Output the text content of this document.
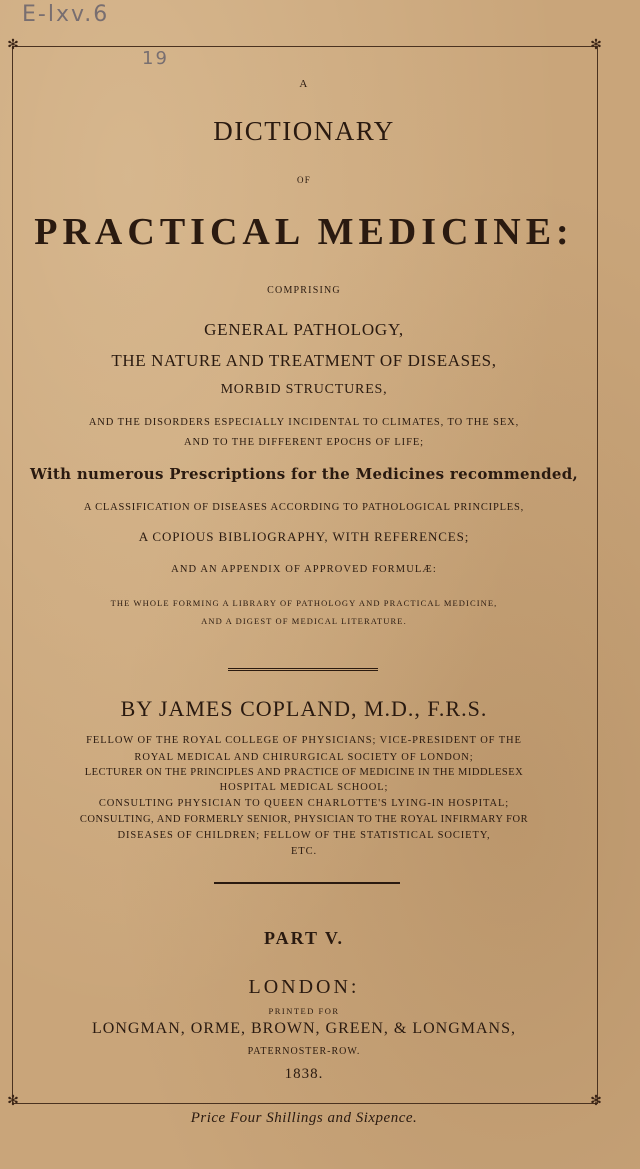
E-lxv.6
19
✻	✻
✻	✻
A
DICTIONARY
OF
PRACTICAL MEDICINE:
COMPRISING
GENERAL PATHOLOGY,
THE NATURE AND TREATMENT OF DISEASES,
MORBID STRUCTURES,
AND THE DISORDERS ESPECIALLY INCIDENTAL TO CLIMATES, TO THE SEX,
AND TO THE DIFFERENT EPOCHS OF LIFE;
With numerous Prescriptions for the Medicines recommended,
A CLASSIFICATION OF DISEASES ACCORDING TO PATHOLOGICAL PRINCIPLES,
A COPIOUS BIBLIOGRAPHY, WITH REFERENCES;
AND AN APPENDIX OF APPROVED FORMULÆ:
THE WHOLE FORMING A LIBRARY OF PATHOLOGY AND PRACTICAL MEDICINE,
AND A DIGEST OF MEDICAL LITERATURE.
BY JAMES COPLAND, M.D., F.R.S.
FELLOW OF THE ROYAL COLLEGE OF PHYSICIANS; VICE-PRESIDENT OF THE
ROYAL MEDICAL AND CHIRURGICAL SOCIETY OF LONDON;
LECTURER ON THE PRINCIPLES AND PRACTICE OF MEDICINE IN THE MIDDLESEX
HOSPITAL MEDICAL SCHOOL;
CONSULTING PHYSICIAN TO QUEEN CHARLOTTE'S LYING-IN HOSPITAL;
CONSULTING, AND FORMERLY SENIOR, PHYSICIAN TO THE ROYAL INFIRMARY FOR
DISEASES OF CHILDREN; FELLOW OF THE STATISTICAL SOCIETY,
ETC.
PART V.
LONDON:
PRINTED FOR
LONGMAN, ORME, BROWN, GREEN, & LONGMANS,
PATERNOSTER-ROW.
1838.
Price Four Shillings and Sixpence.
